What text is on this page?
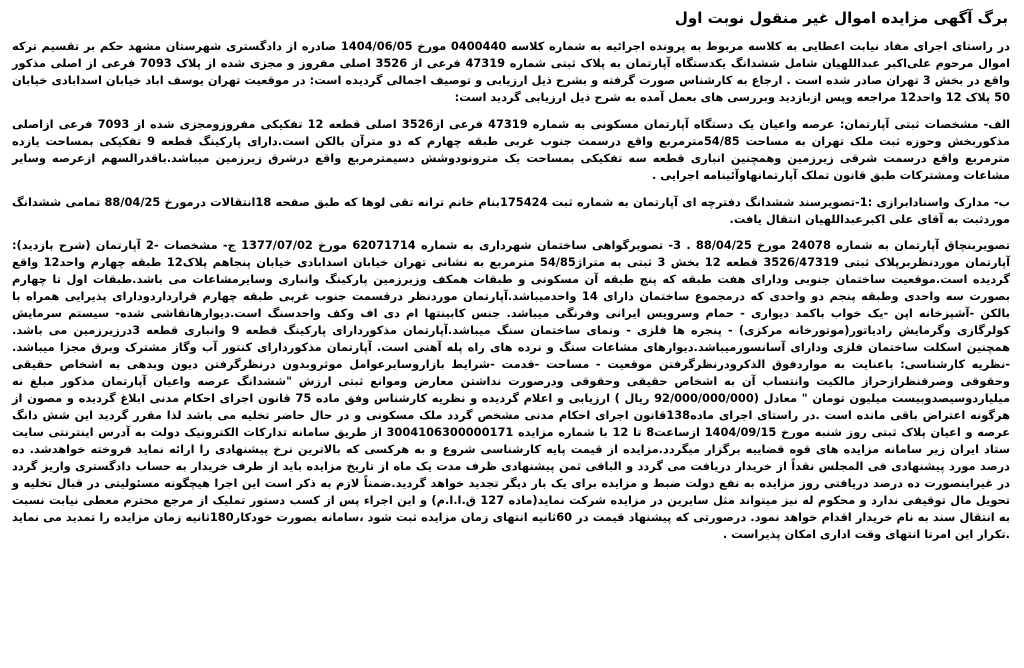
برگ آگهی مزایده اموال غیر منقول نوبت اول

در راستای اجرای مفاد نیابت اعطایی به کلاسه مربوط به پرونده اجرائیه به شماره کلاسه 0400440 مورخ 1404/06/05 صادره از دادگستری شهرستان مشهد حکم بر تقسیم ترکه اموال مرحوم علی‌اکبر عبداللهیان شامل ششدانگ یکدستگاه آپارتمان به پلاک ثبتی شماره 47319 فرعی از 3526 اصلی مفروز و مجزی شده از پلاک 7093 فرعی از اصلی مذکور واقع در بخش 3 تهران صادر شده است . ارجاع به کارشناس صورت گرفته و بشرح ذیل ارزیابی و توصیف اجمالی گردیده است: در موقعیت تهران یوسف اباد خیابان اسدابادی خیابان 50 پلاک 12 واحد12 مراجعه وپس ازبازدید وبررسی های بعمل آمده به شرح ذیل ارزیابی گردید است:

الف- مشخصات ثبتی آپارتمان: عرصه واعیان یک دستگاه آپارتمان مسکونی به شماره 47319 فرعی از3526 اصلی قطعه 12 تفکیکی مفروزومجزی شده از 7093 فرعی ازاصلی مذکوربخش وحوزه ثبت ملک تهران به مساحت 54/85مترمربع واقع درسمت جنوب غربی طبقه چهارم که دو مترآن بالکن است.دارای پارکینگ قطعه 9 تفکیکی بمساحت یازده مترمربع واقع درسمت شرقی زیرزمین وهمچنین انباری قطعه سه تفکیکی بمساحت یک مترونودوشش دسیمترمربع واقع درشرق زیرزمین میباشد.باقدرالسهم ازعرصه وسایر مشاعات ومشترکات طبق قانون تملک آپارتمانهاوآئینامه اجرایی .

ب- مدارک واسنادابرازی :1-تصویرسند ششدانگ دفترچه ای آپارتمان به شماره ثبت 175424بنام خانم ترانه تقی لوها که طبق صفحه 18انتقالات درمورخ 88/04/25 تمامی ششدانگ موردثبت به آقای علی اکبرعبداللهیان انتقال یافت.

تصویربنچاق آپارتمان به شماره 24078 مورخ 88/04/25 . 3- تصویرگواهی ساختمان شهرداری به شماره 62071714 مورخ 1377/07/02 ج- مشخصات -2 آپارتمان (شرح بازدید): آپارتمان موردنظربرپلاک ثبتی 3526/47319 قطعه 12 بخش 3 ثبتی به متراژ54/85 مترمربع به نشانی تهران خیابان اسدابادی خیابان پنجاهم پلاک12 طبقه چهارم واحد12 واقع گردیده است.موقعیت ساختمان جنوبی ودارای هفت طبقه که پنج طبقه آن مسکونی و طبقات همکف وزیرزمین پارکینگ وانباری وسایرمشاعات می باشد.طبقات اول تا چهارم بصورت سه واحدی وطبقه پنجم دو واحدی که درمجموع ساختمان دارای 14 واحدمیباشد.آپارتمان موردنظر درقسمت جنوب غربی طبقه چهارم قرارداردودارای پذیرایی همراه با بالکن -آشپزخانه اپن -یک خواب باکمد دیواری - حمام وسرویس ایرانی وفرنگی میباشد. جنس کابینتها ام دی اف وکف واحدسنگ است.دیوارهانقاشی شده- سیستم سرمایش کولرگازی وگرمایش رادیاتور(موتورخانه مرکزی) - پنجره ها فلزی - ونمای ساختمان سنگ میباشد.آپارتمان مذکوردارای پارکینگ قطعه 9 وانباری قطعه 3درزیرزمین می باشد. همچنین اسکلت ساختمان فلزی ودارای آسانسورمیباشد.دیوارهای مشاعات سنگ و نرده های راه پله آهنی است. آپارتمان مذکوردارای کنتور آب وگاز مشترک وبرق مجزا میباشد. -نظریه کارشناسی: باعنایت به مواردفوق الذکرودرنظرگرفتن موقعیت - مساحت -قدمت -شرایط بازاروسایرعوامل موثروبدون درنظرگرفتن دیون وبدهی به اشخاص حقیقی وحقوقی وصرفنظرازحراز مالکیت وانتساب آن به اشخاص حقیقی وحقوقی ودرصورت نداشتن معارض وموانع ثبتی ارزش "ششدانگ عرصه واعیان آپارتمان مذکور مبلغ نه میلیاردوسیصدوبیست میلیون تومان " معادل (92/000/000/000 ریال ) ارزیابی و اعلام گردیده و نظریه کارشناس وفق ماده 75 قانون اجرای احکام مدنی ابلاغ گردیده و مصون از هرگونه اعتراض باقی مانده است .در راستای اجرای ماده138قانون اجرای احکام مدنی مشخص گردد ملک مسکونی و در حال حاضر تخلیه می باشد لذا مقرر گردید این شش دانگ عرصه و اعیان پلاک ثبتی روز شنبه مورخ 1404/09/15 ازساعت8 تا 12 با شماره مزایده 3004106300000171 از طریق سامانه تدارکات الکترونیک دولت به آدرس اینترنتی سایت ستاد ایران زیر سامانه مزایده های قوه قضاییه برگزار میگردد.مزایده از قیمت پایه کارشناسی شروع و به هرکسی که بالاترین نرخ پیشنهادی را ارائه نماید فروخته خواهدشد. ده درصد مورد پیشنهادی فی المجلس نقداً از خریدار دریافت می گردد و الباقی ثمن پیشنهادی ظرف مدت یک ماه از تاریخ مزایده باید از طرف خریدار به حساب دادگستری واریز گردد در غیراینصورت ده درصد دریافتی روز مزایده به نفع دولت ضبط و مزایده برای یک بار دیگر تجدید خواهد گردید.ضمناً لازم به ذکر است این اجرا هیچگونه مسئولیتی در قبال تخلیه و تحویل مال توقیفی ندارد و محکوم له نیز میتواند مثل سایرین در مزایده شرکت نماید(ماده 127 ق.ا.ا.م) و این اجراء پس از کسب دستور تملیک از مرجع محترم معطی نیابت نسبت به انتقال سند به نام خریدار اقدام خواهد نمود. درصورتی که پیشنهاد قیمت در 60ثانیه انتهای زمان مزایده ثبت شود ،سامانه بصورت خودکار180ثانیه زمان مزایده را تمدید می نماید .تکرار این امرتا انتهای وقت اداری امکان پذیراست .
